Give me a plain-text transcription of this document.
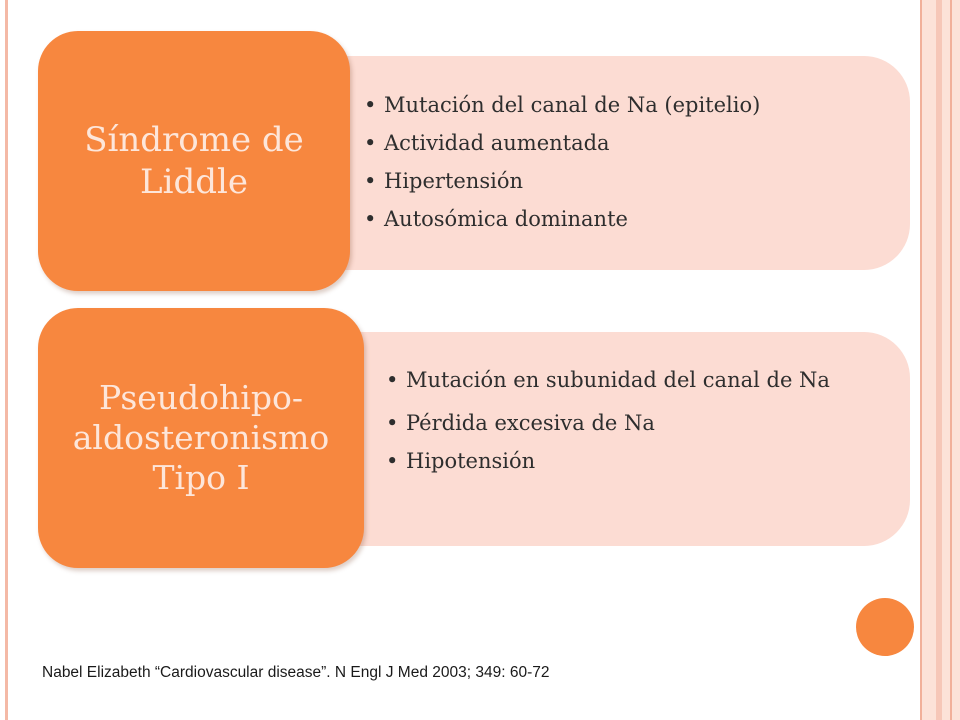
Síndrome de
Liddle
• Mutación del canal de Na (epitelio)
• Actividad aumentada
• Hipertensión
• Autosómica dominante
Pseudohipo-
aldosteronismo
Tipo I
• Mutación en subunidad del canal de Na
• Pérdida excesiva de Na
• Hipotensión
Nabel Elizabeth “Cardiovascular disease”. N Engl J Med 2003; 349: 60-72
